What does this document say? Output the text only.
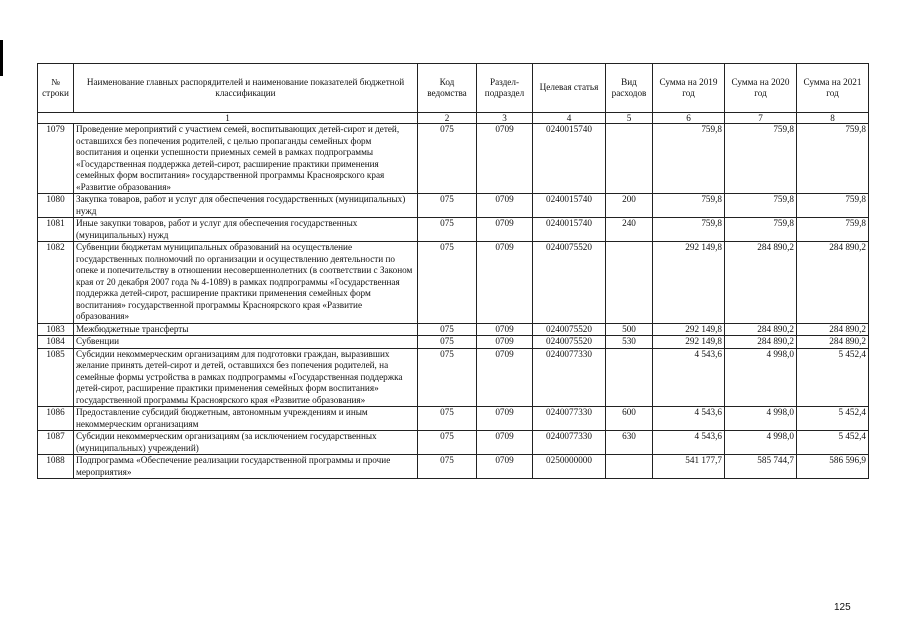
№ строки	Наименование главных распорядителей и наименование показателей бюджетной классификации	Код ведомства	Раздел-подраздел	Целевая статья	Вид расходов	Сумма на 2019 год	Сумма на 2020 год	Сумма на 2021 год
1		2	3	4	5	6	7	8
1079	Проведение мероприятий с участием семей, воспитывающих детей-сирот и детей, оставшихся без попечения родителей, с целью пропаганды семейных форм воспитания и оценки успешности приемных семей в рамках подпрограммы «Государственная поддержка детей-сирот, расширение практики применения семейных форм воспитания» государственной программы Красноярского края «Развитие образования»	075	0709	0240015740		759,8	759,8	759,8
1080	Закупка товаров, работ и услуг для обеспечения государственных (муниципальных) нужд	075	0709	0240015740	200	759,8	759,8	759,8
1081	Иные закупки товаров, работ и услуг для обеспечения государственных (муниципальных) нужд	075	0709	0240015740	240	759,8	759,8	759,8
1082	Субвенции бюджетам муниципальных образований на осуществление государственных полномочий по организации и осуществлению деятельности по опеке и попечительству в отношении несовершеннолетних (в соответствии с Законом края от 20 декабря 2007 года № 4-1089) в рамках подпрограммы «Государственная поддержка детей-сирот, расширение практики применения семейных форм воспитания» государственной программы Красноярского края «Развитие образования»	075	0709	0240075520		292 149,8	284 890,2	284 890,2
1083	Межбюджетные трансферты	075	0709	0240075520	500	292 149,8	284 890,2	284 890,2
1084	Субвенции	075	0709	0240075520	530	292 149,8	284 890,2	284 890,2
1085	Субсидии некоммерческим организациям для подготовки граждан, выразивших желание принять детей-сирот и детей, оставшихся без попечения родителей, на семейные формы устройства в рамках подпрограммы «Государственная поддержка детей-сирот, расширение практики применения семейных форм воспитания» государственной программы Красноярского края «Развитие образования»	075	0709	0240077330		4 543,6	4 998,0	5 452,4
1086	Предоставление субсидий бюджетным, автономным учреждениям и иным некоммерческим организациям	075	0709	0240077330	600	4 543,6	4 998,0	5 452,4
1087	Субсидии некоммерческим организациям (за исключением государственных (муниципальных) учреждений)	075	0709	0240077330	630	4 543,6	4 998,0	5 452,4
1088	Подпрограмма «Обеспечение реализации государственной программы и прочие мероприятия»	075	0709	0250000000		541 177,7	585 744,7	586 596,9
125
